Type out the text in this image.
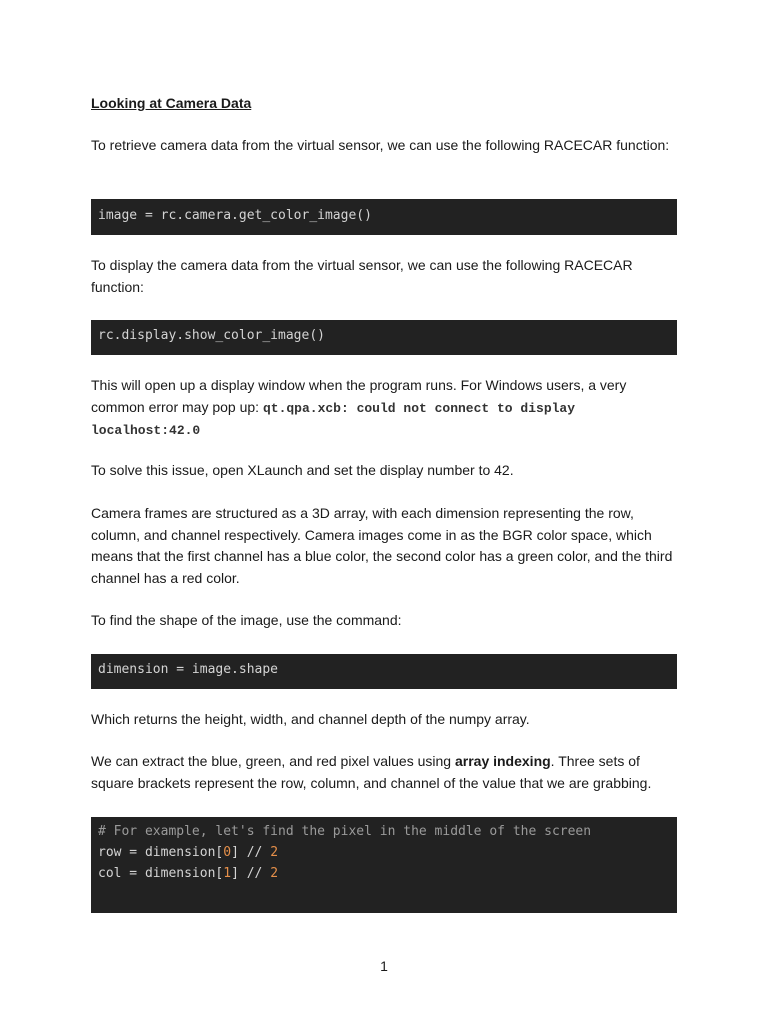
Looking at Camera Data
To retrieve camera data from the virtual sensor, we can use the following RACECAR function:
image = rc.camera.get_color_image()
To display the camera data from the virtual sensor, we can use the following RACECAR function:
rc.display.show_color_image()
This will open up a display window when the program runs. For Windows users, a very common error may pop up: qt.qpa.xcb: could not connect to display localhost:42.0
To solve this issue, open XLaunch and set the display number to 42.
Camera frames are structured as a 3D array, with each dimension representing the row, column, and channel respectively. Camera images come in as the BGR color space, which means that the first channel has a blue color, the second color has a green color, and the third channel has a red color.
To find the shape of the image, use the command:
dimension = image.shape
Which returns the height, width, and channel depth of the numpy array.
We can extract the blue, green, and red pixel values using array indexing. Three sets of square brackets represent the row, column, and channel of the value that we are grabbing.
# For example, let's find the pixel in the middle of the screen
row = dimension[0] // 2
col = dimension[1] // 2
1
